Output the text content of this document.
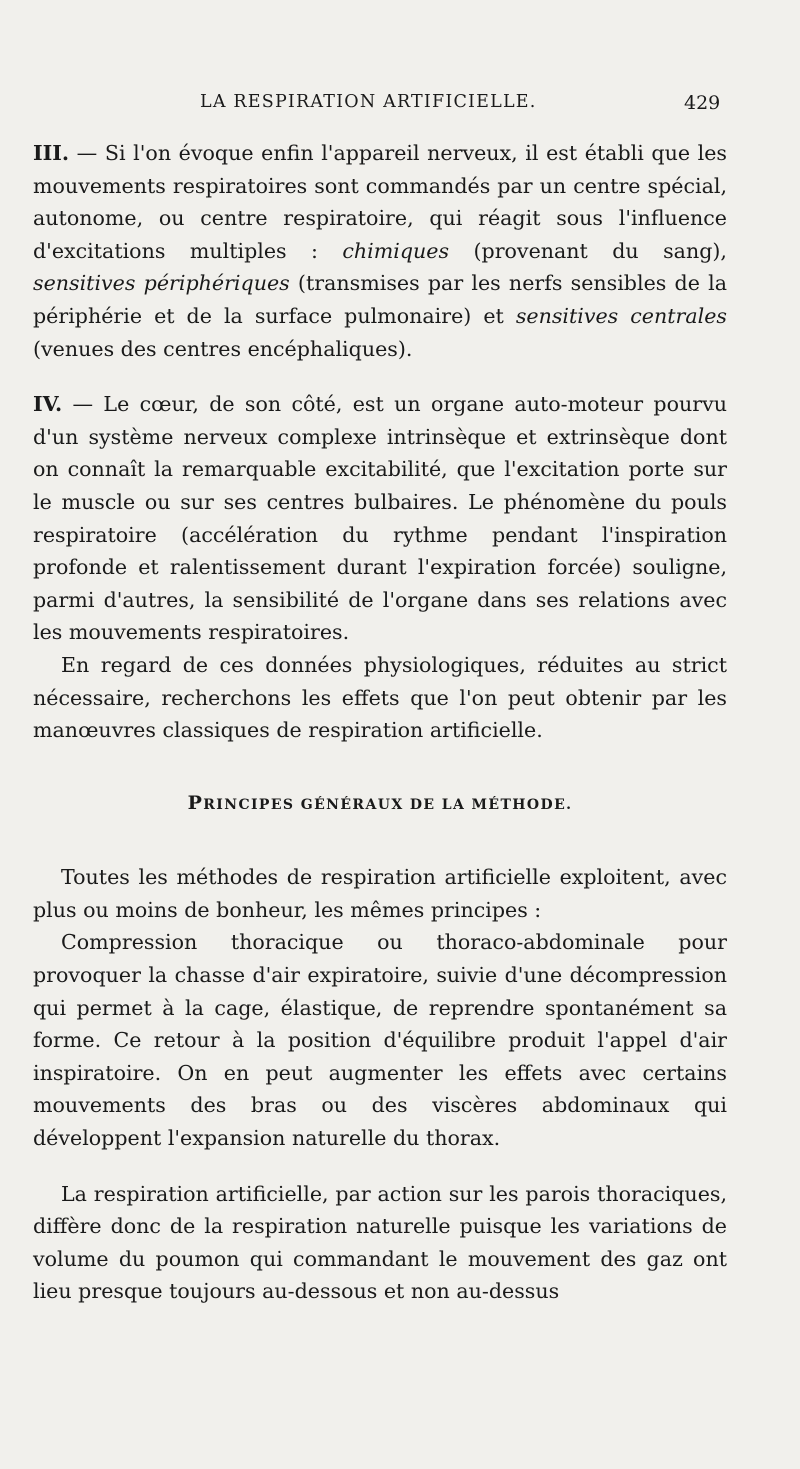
LA RESPIRATION ARTIFICIELLE.	429

III. — Si l'on évoque enfin l'appareil nerveux, il est établi que les mouvements respiratoires sont commandés par un centre spécial, autonome, ou centre respiratoire, qui réagit sous l'influence d'excitations multiples : chimiques (provenant du sang), sensitives périphériques (transmises par les nerfs sensibles de la périphérie et de la surface pulmonaire) et sensitives centrales (venues des centres encéphaliques).

IV. — Le cœur, de son côté, est un organe auto-moteur pourvu d'un système nerveux complexe intrinsèque et extrinsèque dont on connaît la remarquable excitabilité, que l'excitation porte sur le muscle ou sur ses centres bulbaires. Le phénomène du pouls respiratoire (accélération du rythme pendant l'inspiration profonde et ralentissement durant l'expiration forcée) souligne, parmi d'autres, la sensibilité de l'organe dans ses relations avec les mouvements respiratoires.

En regard de ces données physiologiques, réduites au strict nécessaire, recherchons les effets que l'on peut obtenir par les manœuvres classiques de respiration artificielle.

PRINCIPES GÉNÉRAUX DE LA MÉTHODE.

Toutes les méthodes de respiration artificielle exploitent, avec plus ou moins de bonheur, les mêmes principes :

Compression thoracique ou thoraco-abdominale pour provoquer la chasse d'air expiratoire, suivie d'une décompression qui permet à la cage, élastique, de reprendre spontanément sa forme. Ce retour à la position d'équilibre produit l'appel d'air inspiratoire. On en peut augmenter les effets avec certains mouvements des bras ou des viscères abdominaux qui développent l'expansion naturelle du thorax.

La respiration artificielle, par action sur les parois thoraciques, diffère donc de la respiration naturelle puisque les variations de volume du poumon qui commandant le mouvement des gaz ont lieu presque toujours au-dessous et non au-dessus
